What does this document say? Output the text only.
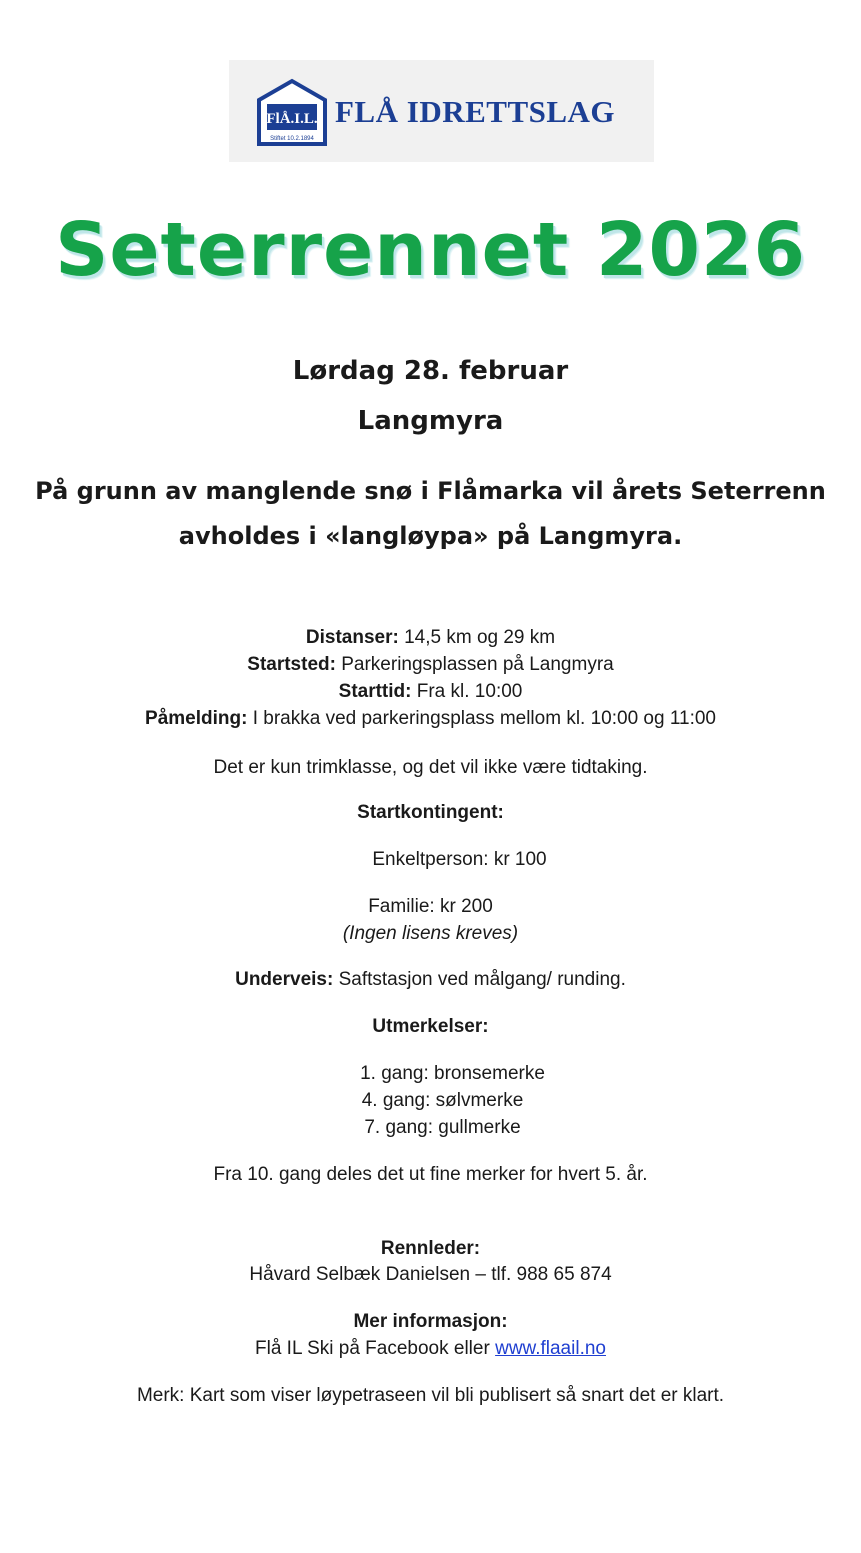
FlÅ.I.L.
Stiftet 10.2.1894
FLÅ IDRETTSLAG
Seterrennet 2026
Lørdag 28. februar
Langmyra
På grunn av manglende snø i Flåmarka vil årets Seterrenn
avholdes i «langløypa» på Langmyra.
Distanser: 14,5 km og 29 km
Startsted: Parkeringsplassen på Langmyra
Starttid: Fra kl. 10:00
Påmelding: I brakka ved parkeringsplass mellom kl. 10:00 og 11:00
Det er kun trimklasse, og det vil ikke være tidtaking.
Startkontingent:
Enkeltperson: kr 100
Familie: kr 200
(Ingen lisens kreves)
Underveis: Saftstasjon ved målgang/ runding.
Utmerkelser:
1. gang: bronsemerke
4. gang: sølvmerke
7. gang: gullmerke
Fra 10. gang deles det ut fine merker for hvert 5. år.
Rennleder:
Håvard Selbæk Danielsen – tlf. 988 65 874
Mer informasjon:
Flå IL Ski på Facebook eller www.flaail.no
Merk: Kart som viser løypetraseen vil bli publisert så snart det er klart.
